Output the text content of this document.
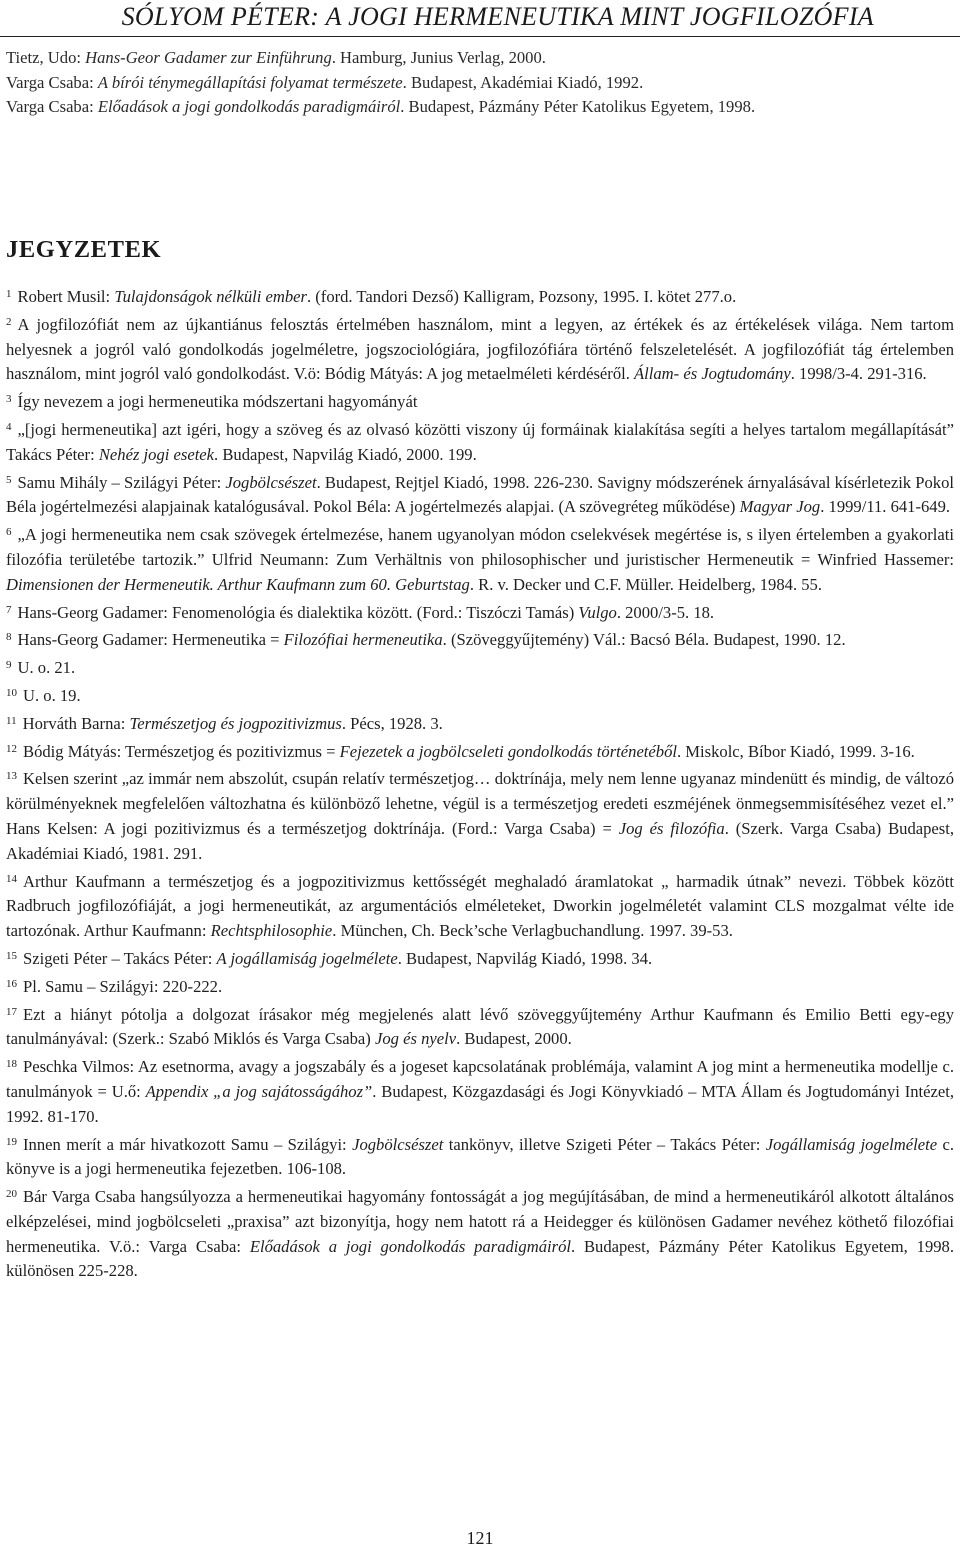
SÓLYOM PÉTER: A JOGI HERMENEUTIKA MINT JOGFILOZÓFIA

Tietz, Udo: Hans-Geor Gadamer zur Einführung. Hamburg, Junius Verlag, 2000.

Varga Csaba: A bírói ténymegállapítási folyamat természete. Budapest, Akadémiai Kiadó, 1992.

Varga Csaba: Előadások a jogi gondolkodás paradigmáiról. Budapest, Pázmány Péter Katolikus Egyetem, 1998.

JEGYZETEK

$^1$ Robert Musil: Tulajdonságok nélküli ember. (ford. Tandori Dezső) Kalligram, Pozsony, 1995. I. kötet 277.o.

$^2$ A jogfilozófiát nem az újkantiánus felosztás értelmében használom, mint a legyen, az értékek és az értékelések világa. Nem tartom helyesnek a jogról való gondolkodás jogelméletre, jogszociológiára, jogfilozófiára történő felszeletelését. A jogfilozófiát tág értelemben használom, mint jogról való gondolkodást. V.ö: Bódig Mátyás: A jog metaelméleti kérdéséről. Állam- és Jogtudomány. 1998/3-4. 291-316.

$^3$ Így nevezem a jogi hermeneutika módszertani hagyományát

$^4$ „[jogi hermeneutika] azt igéri, hogy a szöveg és az olvasó közötti viszony új formáinak kialakítása segíti a helyes tartalom megállapítását” Takács Péter: Nehéz jogi esetek. Budapest, Napvilág Kiadó, 2000. 199.

$^5$ Samu Mihály – Szilágyi Péter: Jogbölcsészet. Budapest, Rejtjel Kiadó, 1998. 226-230. Savigny módszerének árnyalásával kísérletezik Pokol Béla jogértelmezési alapjainak katalógusával. Pokol Béla: A jogértelmezés alapjai. (A szövegréteg működése) Magyar Jog. 1999/11. 641-649.

$^6$ „A jogi hermeneutika nem csak szövegek értelmezése, hanem ugyanolyan módon cselekvések megértése is, s ilyen értelemben a gyakorlati filozófia területébe tartozik.” Ulfrid Neumann: Zum Verhältnis von philosophischer und juristischer Hermeneutik = Winfried Hassemer: Dimensionen der Hermeneutik. Arthur Kaufmann zum 60. Geburtstag. R. v. Decker und C.F. Müller. Heidelberg, 1984. 55.

$^7$ Hans-Georg Gadamer: Fenomenológia és dialektika között. (Ford.: Tiszóczi Tamás) Vulgo. 2000/3-5. 18.

$^8$ Hans-Georg Gadamer: Hermeneutika = Filozófiai hermeneutika. (Szöveggyűjtemény) Vál.: Bacsó Béla. Budapest, 1990. 12.

$^9$ U. o. 21.

$^{10}$ U. o. 19.

$^{11}$ Horváth Barna: Természetjog és jogpozitivizmus. Pécs, 1928. 3.

$^{12}$ Bódig Mátyás: Természetjog és pozitivizmus = Fejezetek a jogbölcseleti gondolkodás történetéből. Miskolc, Bíbor Kiadó, 1999. 3-16.

$^{13}$ Kelsen szerint „az immár nem abszolút, csupán relatív természetjog… doktrínája, mely nem lenne ugyanaz mindenütt és mindig, de változó körülményeknek megfelelően változhatna és különböző lehetne, végül is a természetjog eredeti eszméjének önmegsemmisítéséhez vezet el.” Hans Kelsen: A jogi pozitivizmus és a természetjog doktrínája. (Ford.: Varga Csaba) = Jog és filozófia. (Szerk. Varga Csaba) Budapest, Akadémiai Kiadó, 1981. 291.

$^{14}$ Arthur Kaufmann a természetjog és a jogpozitivizmus kettősségét meghaladó áramlatokat „ harmadik útnak” nevezi. Többek között Radbruch jogfilozófiáját, a jogi hermeneutikát, az argumentációs elméleteket, Dworkin jogelméletét valamint CLS mozgalmat vélte ide tartozónak. Arthur Kaufmann: Rechtsphilosophie. München, Ch. Beck’sche Verlagbuchandlung. 1997. 39-53.

$^{15}$ Szigeti Péter – Takács Péter: A jogállamiság jogelmélete. Budapest, Napvilág Kiadó, 1998. 34.

$^{16}$ Pl. Samu – Szilágyi: 220-222.

$^{17}$ Ezt a hiányt pótolja a dolgozat írásakor még megjelenés alatt lévő szöveggyűjtemény Arthur Kaufmann és Emilio Betti egy-egy tanulmányával: (Szerk.: Szabó Miklós és Varga Csaba) Jog és nyelv. Budapest, 2000.

$^{18}$ Peschka Vilmos: Az esetnorma, avagy a jogszabály és a jogeset kapcsolatának problémája, valamint A jog mint a hermeneutika modellje c. tanulmányok = U.ő: Appendix „a jog sajátosságához”. Budapest, Közgazdasági és Jogi Könyvkiadó – MTA Állam és Jogtudományi Intézet, 1992. 81-170.

$^{19}$ Innen merít a már hivatkozott Samu – Szilágyi: Jogbölcsészet tankönyv, illetve Szigeti Péter – Takács Péter: Jogállamiság jogelmélete c. könyve is a jogi hermeneutika fejezetben. 106-108.

$^{20}$ Bár Varga Csaba hangsúlyozza a hermeneutikai hagyomány fontosságát a jog megújításában, de mind a hermeneutikáról alkotott általános elképzelései, mind jogbölcseleti „praxisa” azt bizonyítja, hogy nem hatott rá a Heidegger és különösen Gadamer nevéhez köthető filozófiai hermeneutika. V.ö.: Varga Csaba: Előadások a jogi gondolkodás paradigmáiról. Budapest, Pázmány Péter Katolikus Egyetem, 1998. különösen 225-228.

121
